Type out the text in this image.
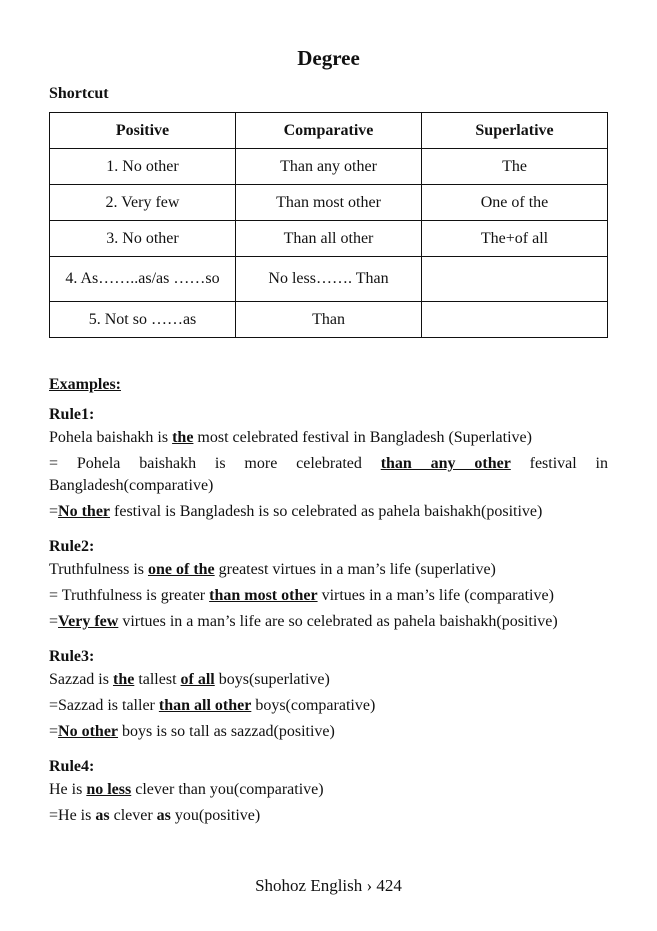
Degree
Shortcut
Positive	Comparative	Superlative
1. No other	Than any other	The
2. Very few	Than most other	One of the
3. No other	Than all other	The+of all
4. As……..as/as ……so	No less……. Than	
5. Not so ……as	Than	
Examples:
Rule1:

Pohela baishakh is the most celebrated festival in Bangladesh (Superlative)

= Pohela baishakh is more celebrated than any other festival in Bangladesh(comparative)

=No ther festival is Bangladesh is so celebrated as pahela baishakh(positive)

Rule2:

Truthfulness is one of the greatest virtues in a man’s life (superlative)

= Truthfulness is greater than most other virtues in a man’s life (comparative)

=Very few virtues in a man’s life are so celebrated as pahela baishakh(positive)

Rule3:

Sazzad is the tallest of all boys(superlative)

=Sazzad is taller than all other boys(comparative)

=No other boys is so tall as sazzad(positive)

Rule4:

He is no less clever than you(comparative)

=He is as clever as you(positive)

Shohoz English › 424
